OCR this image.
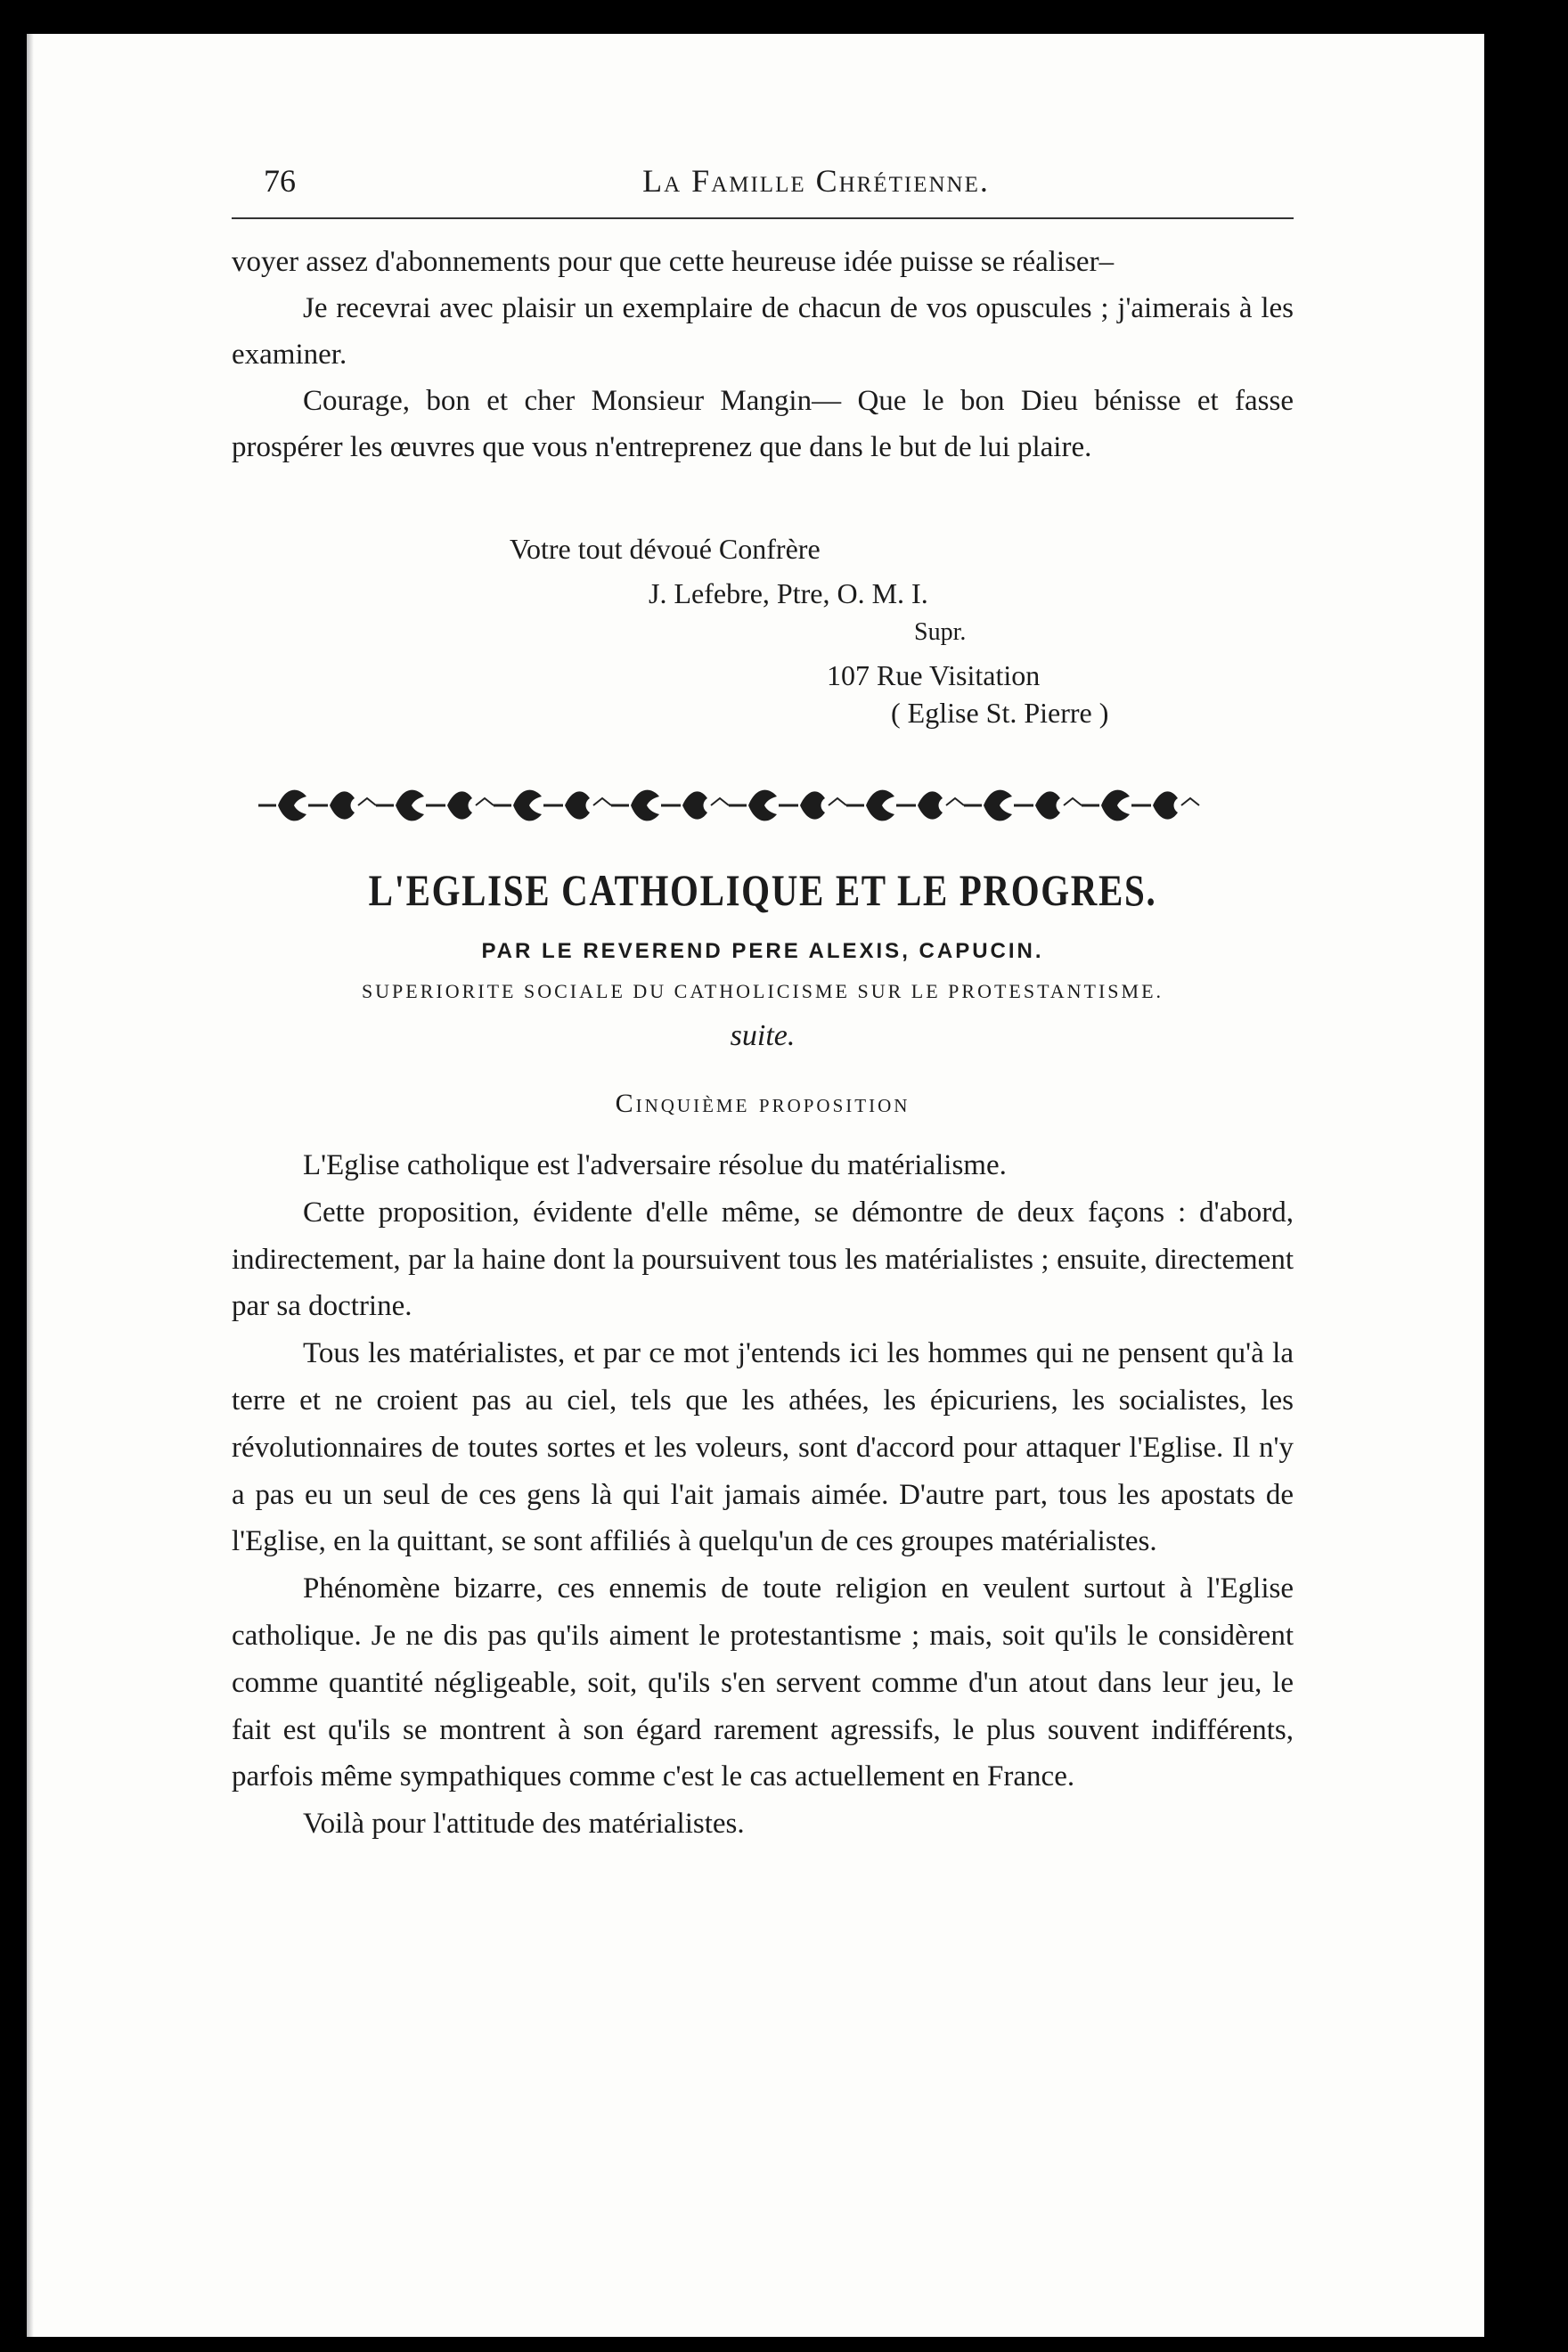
76	La Famille Chrétienne.

voyer assez d'abonnements pour que cette heureuse idée puisse se réaliser–

Je recevrai avec plaisir un exemplaire de chacun de vos opuscules ; j'aimerais à les examiner.

Courage, bon et cher Monsieur Mangin— Que le bon Dieu bénisse et fasse prospérer les œuvres que vous n'entreprenez que dans le but de lui plaire.

Votre tout dévoué Confrère
J. Lefebre, Ptre, O. M. I.
Supr.
107 Rue Visitation
( Eglise St. Pierre )
L'EGLISE CATHOLIQUE ET LE PROGRES.
PAR LE REVEREND PERE ALEXIS, CAPUCIN.
SUPERIORITE SOCIALE DU CATHOLICISME SUR LE PROTESTANTISME.
suite.
Cinquième proposition

L'Eglise catholique est l'adversaire résolue du matérialisme.

Cette proposition, évidente d'elle même, se démontre de deux façons : d'abord, indirectement, par la haine dont la poursuivent tous les matérialistes ; ensuite, directement par sa doctrine.

Tous les matérialistes, et par ce mot j'entends ici les hommes qui ne pensent qu'à la terre et ne croient pas au ciel, tels que les athées, les épicuriens, les socialistes, les révolutionnaires de toutes sortes et les voleurs, sont d'accord pour attaquer l'Eglise. Il n'y a pas eu un seul de ces gens là qui l'ait jamais aimée. D'autre part, tous les apostats de l'Eglise, en la quittant, se sont affiliés à quelqu'un de ces groupes matérialistes.

Phénomène bizarre, ces ennemis de toute religion en veulent surtout à l'Eglise catholique. Je ne dis pas qu'ils aiment le protestantisme ; mais, soit qu'ils le considèrent comme quantité négligeable, soit, qu'ils s'en servent comme d'un atout dans leur jeu, le fait est qu'ils se montrent à son égard rarement agressifs, le plus souvent indifférents, parfois même sympathiques comme c'est le cas actuellement en France.

Voilà pour l'attitude des matérialistes.
